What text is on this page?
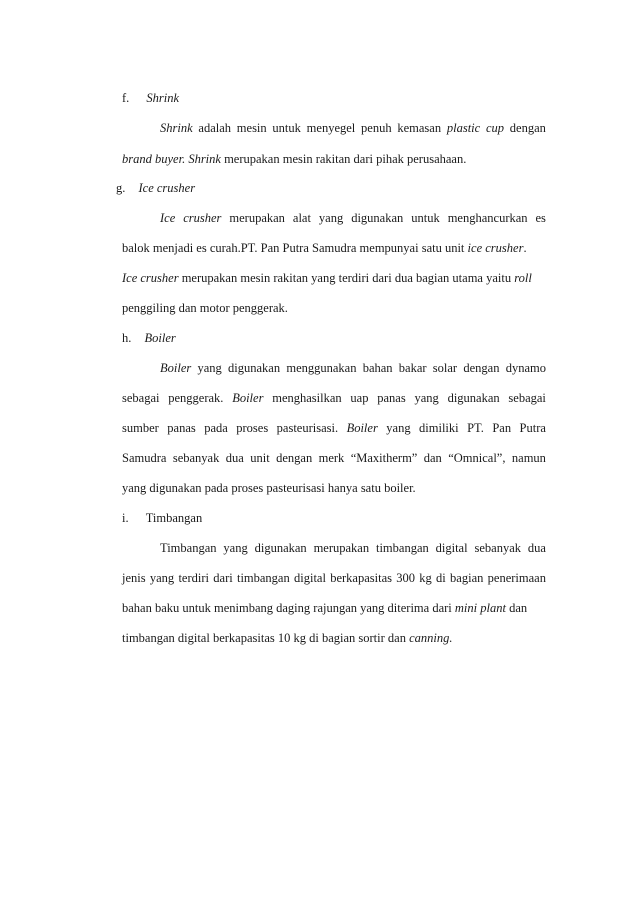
f. Shrink
Shrink adalah mesin untuk menyegel penuh kemasan plastic cup dengan
brand buyer. Shrink merupakan mesin rakitan dari pihak perusahaan.
g. Ice crusher
Ice crusher merupakan alat yang digunakan untuk menghancurkan es
balok menjadi es curah.PT. Pan Putra Samudra mempunyai satu unit ice crusher.
Ice crusher merupakan mesin rakitan yang terdiri dari dua bagian utama yaitu roll
penggiling dan motor penggerak.
h. Boiler
Boiler yang digunakan menggunakan bahan bakar solar dengan dynamo
sebagai penggerak. Boiler menghasilkan uap panas yang digunakan sebagai
sumber panas pada proses pasteurisasi. Boiler yang dimiliki PT. Pan Putra
Samudra sebanyak dua unit dengan merk “Maxitherm” dan “Omnical”, namun
yang digunakan pada proses pasteurisasi hanya satu boiler.
i. Timbangan
Timbangan yang digunakan merupakan timbangan digital sebanyak dua
jenis yang terdiri dari timbangan digital berkapasitas 300 kg di bagian penerimaan
bahan baku untuk menimbang daging rajungan yang diterima dari mini plant dan
timbangan digital berkapasitas 10 kg di bagian sortir dan canning.
